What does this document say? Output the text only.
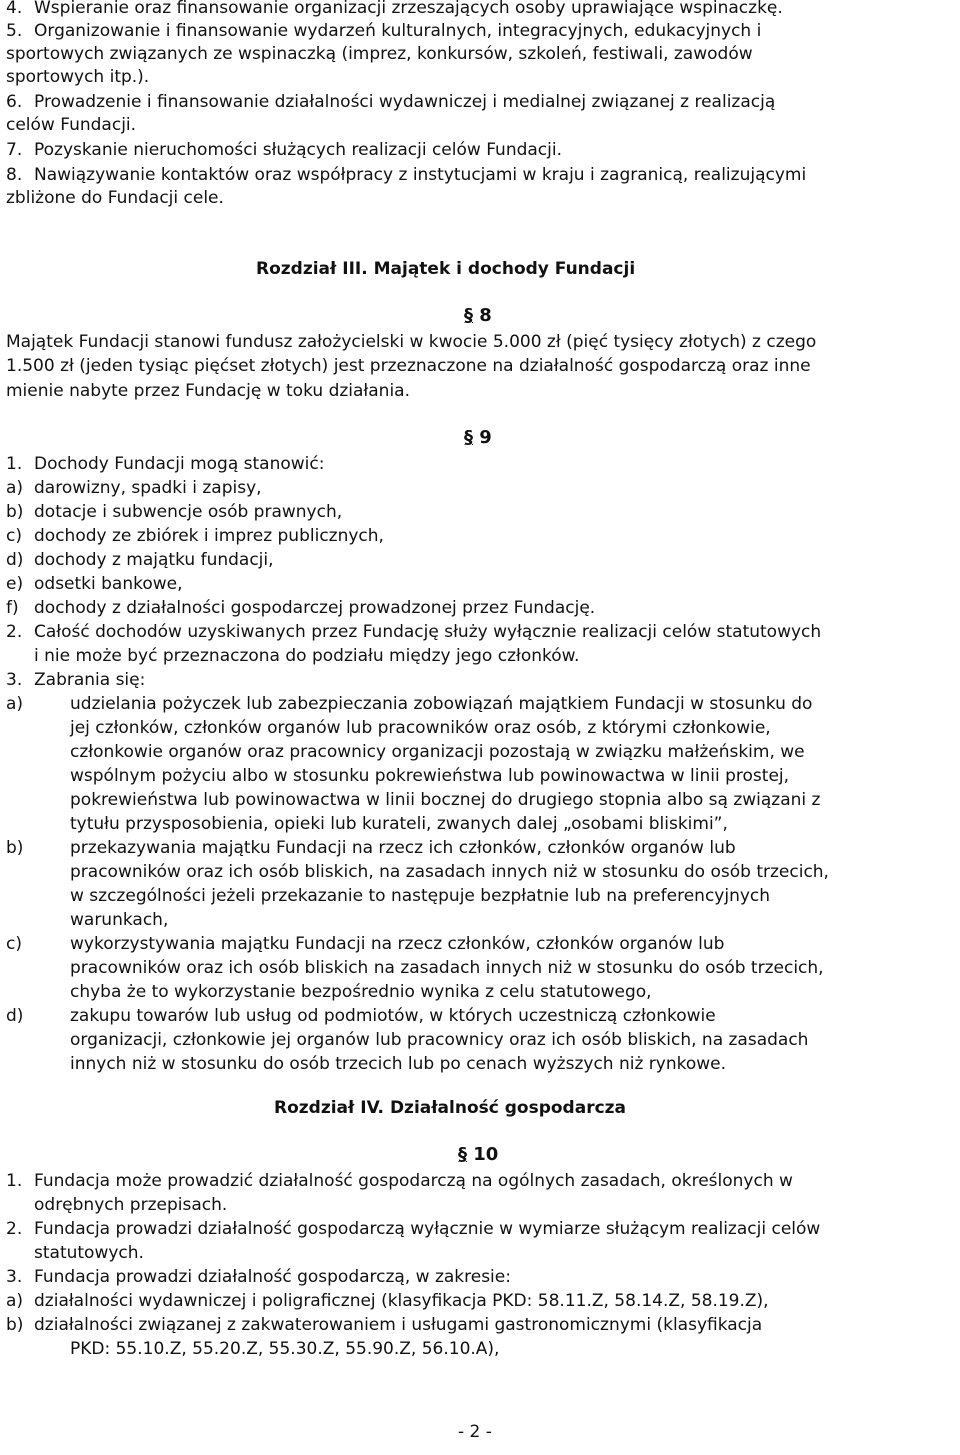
4. Wspieranie oraz finansowanie organizacji zrzeszających osoby uprawiające wspinaczkę.
5. Organizowanie i finansowanie wydarzeń kulturalnych, integracyjnych, edukacyjnych i
sportowych związanych ze wspinaczką (imprez, konkursów, szkoleń, festiwali, zawodów
sportowych itp.).
6. Prowadzenie i finansowanie działalności wydawniczej i medialnej związanej z realizacją
celów Fundacji.
7. Pozyskanie nieruchomości służących realizacji celów Fundacji.
8. Nawiązywanie kontaktów oraz współpracy z instytucjami w kraju i zagranicą, realizującymi
zbliżone do Fundacji cele.
Rozdział III. Majątek i dochody Fundacji
§ 8
Majątek Fundacji stanowi fundusz założycielski w kwocie 5.000 zł (pięć tysięcy złotych) z czego
1.500 zł (jeden tysiąc pięćset złotych) jest przeznaczone na działalność gospodarczą oraz inne
mienie nabyte przez Fundację w toku działania.
§ 9
1. Dochody Fundacji mogą stanowić:
a) darowizny, spadki i zapisy,
b) dotacje i subwencje osób prawnych,
c) dochody ze zbiórek i imprez publicznych,
d) dochody z majątku fundacji,
e) odsetki bankowe,
f) dochody z działalności gospodarczej prowadzonej przez Fundację.
2. Całość dochodów uzyskiwanych przez Fundację służy wyłącznie realizacji celów statutowych
i nie może być przeznaczona do podziału między jego członków.
3. Zabrania się:
a)	udzielania pożyczek lub zabezpieczania zobowiązań majątkiem Fundacji w stosunku do
jej członków, członków organów lub pracowników oraz osób, z którymi członkowie,
członkowie organów oraz pracownicy organizacji pozostają w związku małżeńskim, we
wspólnym pożyciu albo w stosunku pokrewieństwa lub powinowactwa w linii prostej,
pokrewieństwa lub powinowactwa w linii bocznej do drugiego stopnia albo są związani z
tytułu przysposobienia, opieki lub kurateli, zwanych dalej „osobami bliskimi”,
b)	przekazywania majątku Fundacji na rzecz ich członków, członków organów lub
pracowników oraz ich osób bliskich, na zasadach innych niż w stosunku do osób trzecich,
w szczególności jeżeli przekazanie to następuje bezpłatnie lub na preferencyjnych
warunkach,
c)	wykorzystywania majątku Fundacji na rzecz członków, członków organów lub
pracowników oraz ich osób bliskich na zasadach innych niż w stosunku do osób trzecich,
chyba że to wykorzystanie bezpośrednio wynika z celu statutowego,
d)	zakupu towarów lub usług od podmiotów, w których uczestniczą członkowie
organizacji, członkowie jej organów lub pracownicy oraz ich osób bliskich, na zasadach
innych niż w stosunku do osób trzecich lub po cenach wyższych niż rynkowe.
Rozdział IV. Działalność gospodarcza
§ 10
1. Fundacja może prowadzić działalność gospodarczą na ogólnych zasadach, określonych w
odrębnych przepisach.
2. Fundacja prowadzi działalność gospodarczą wyłącznie w wymiarze służącym realizacji celów
statutowych.
3. Fundacja prowadzi działalność gospodarczą, w zakresie:
a) działalności wydawniczej i poligraficznej (klasyfikacja PKD: 58.11.Z, 58.14.Z, 58.19.Z),
b) działalności związanej z zakwaterowaniem i usługami gastronomicznymi (klasyfikacja
PKD: 55.10.Z, 55.20.Z, 55.30.Z, 55.90.Z, 56.10.A),
- 2 -
